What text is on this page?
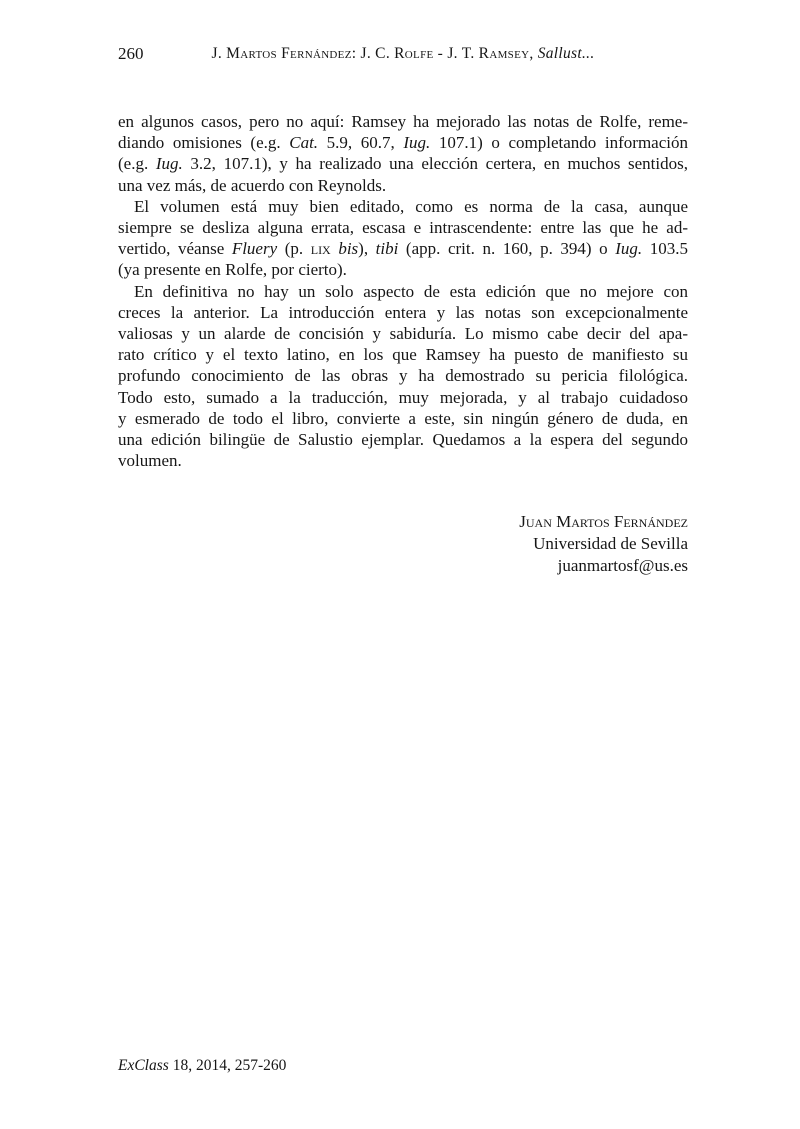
260	J. Martos Fernández: J. C. Rolfe - J. T. Ramsey, Sallust...
en algunos casos, pero no aquí: Ramsey ha mejorado las notas de Rolfe, reme-
diando omisiones (e.g. Cat. 5.9, 60.7, Iug. 107.1) o completando información
(e.g. Iug. 3.2, 107.1), y ha realizado una elección certera, en muchos sentidos,
una vez más, de acuerdo con Reynolds.
El volumen está muy bien editado, como es norma de la casa, aunque
siempre se desliza alguna errata, escasa e intrascendente: entre las que he ad-
vertido, véanse Fluery (p. lix bis), tibi (app. crit. n. 160, p. 394) o Iug. 103.5
(ya presente en Rolfe, por cierto).
En definitiva no hay un solo aspecto de esta edición que no mejore con
creces la anterior. La introducción entera y las notas son excepcionalmente
valiosas y un alarde de concisión y sabiduría. Lo mismo cabe decir del apa-
rato crítico y el texto latino, en los que Ramsey ha puesto de manifiesto su
profundo conocimiento de las obras y ha demostrado su pericia filológica.
Todo esto, sumado a la traducción, muy mejorada, y al trabajo cuidadoso
y esmerado de todo el libro, convierte a este, sin ningún género de duda, en
una edición bilingüe de Salustio ejemplar. Quedamos a la espera del segundo
volumen.
Juan Martos Fernández
Universidad de Sevilla
juanmartosf@us.es
ExClass 18, 2014, 257-260
